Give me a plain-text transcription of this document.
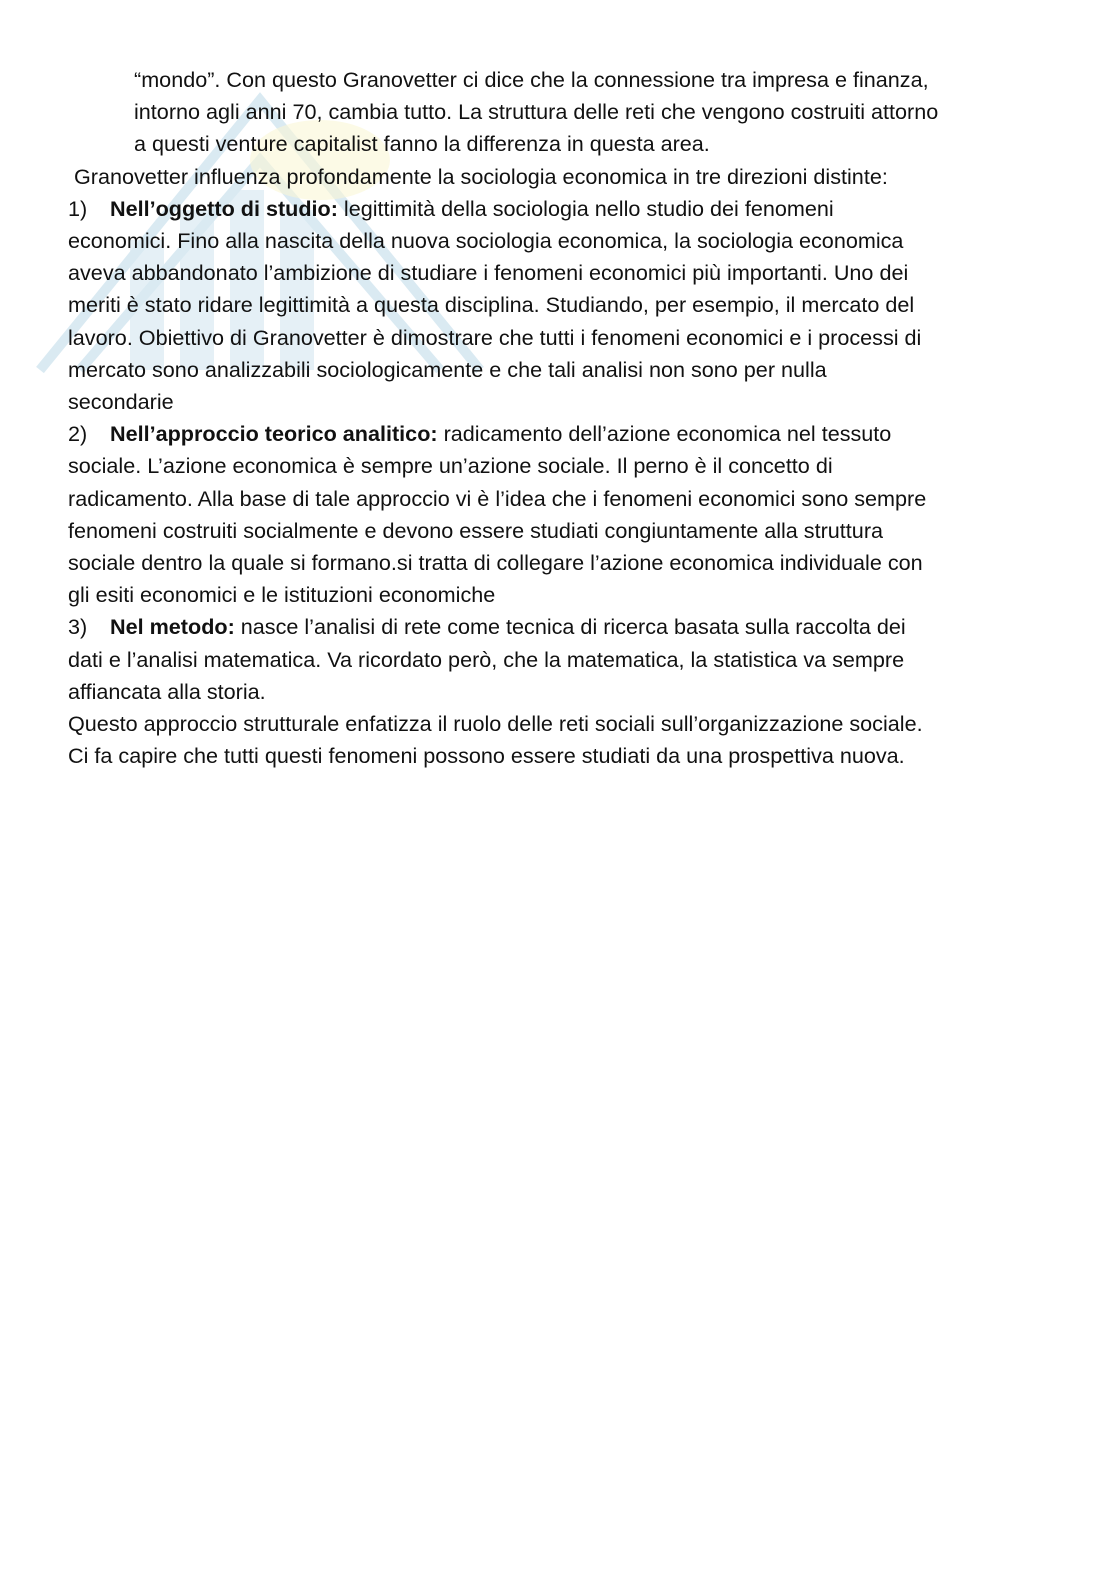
“mondo”. Con questo Granovetter ci dice che la connessione tra impresa e finanza,

intorno agli anni 70, cambia tutto. La struttura delle reti che vengono costruiti attorno

a questi venture capitalist fanno la differenza in questa area.

Granovetter influenza profondamente la sociologia economica in tre direzioni distinte:

1) Nell’oggetto di studio: legittimità della sociologia nello studio dei fenomeni

economici. Fino alla nascita della nuova sociologia economica, la sociologia economica

aveva abbandonato l’ambizione di studiare i fenomeni economici più importanti. Uno dei

meriti è stato ridare legittimità a questa disciplina. Studiando, per esempio, il mercato del

lavoro. Obiettivo di Granovetter è dimostrare che tutti i fenomeni economici e i processi di

mercato sono analizzabili sociologicamente e che tali analisi non sono per nulla

secondarie

2) Nell’approccio teorico analitico: radicamento dell’azione economica nel tessuto

sociale. L’azione economica è sempre un’azione sociale. Il perno è il concetto di

radicamento. Alla base di tale approccio vi è l’idea che i fenomeni economici sono sempre

fenomeni costruiti socialmente e devono essere studiati congiuntamente alla struttura

sociale dentro la quale si formano.si tratta di collegare l’azione economica individuale con

gli esiti economici e le istituzioni economiche

3) Nel metodo: nasce l’analisi di rete come tecnica di ricerca basata sulla raccolta dei

dati e l’analisi matematica. Va ricordato però, che la matematica, la statistica va sempre

affiancata alla storia.

Questo approccio strutturale enfatizza il ruolo delle reti sociali sull’organizzazione sociale.

Ci fa capire che tutti questi fenomeni possono essere studiati da una prospettiva nuova.
